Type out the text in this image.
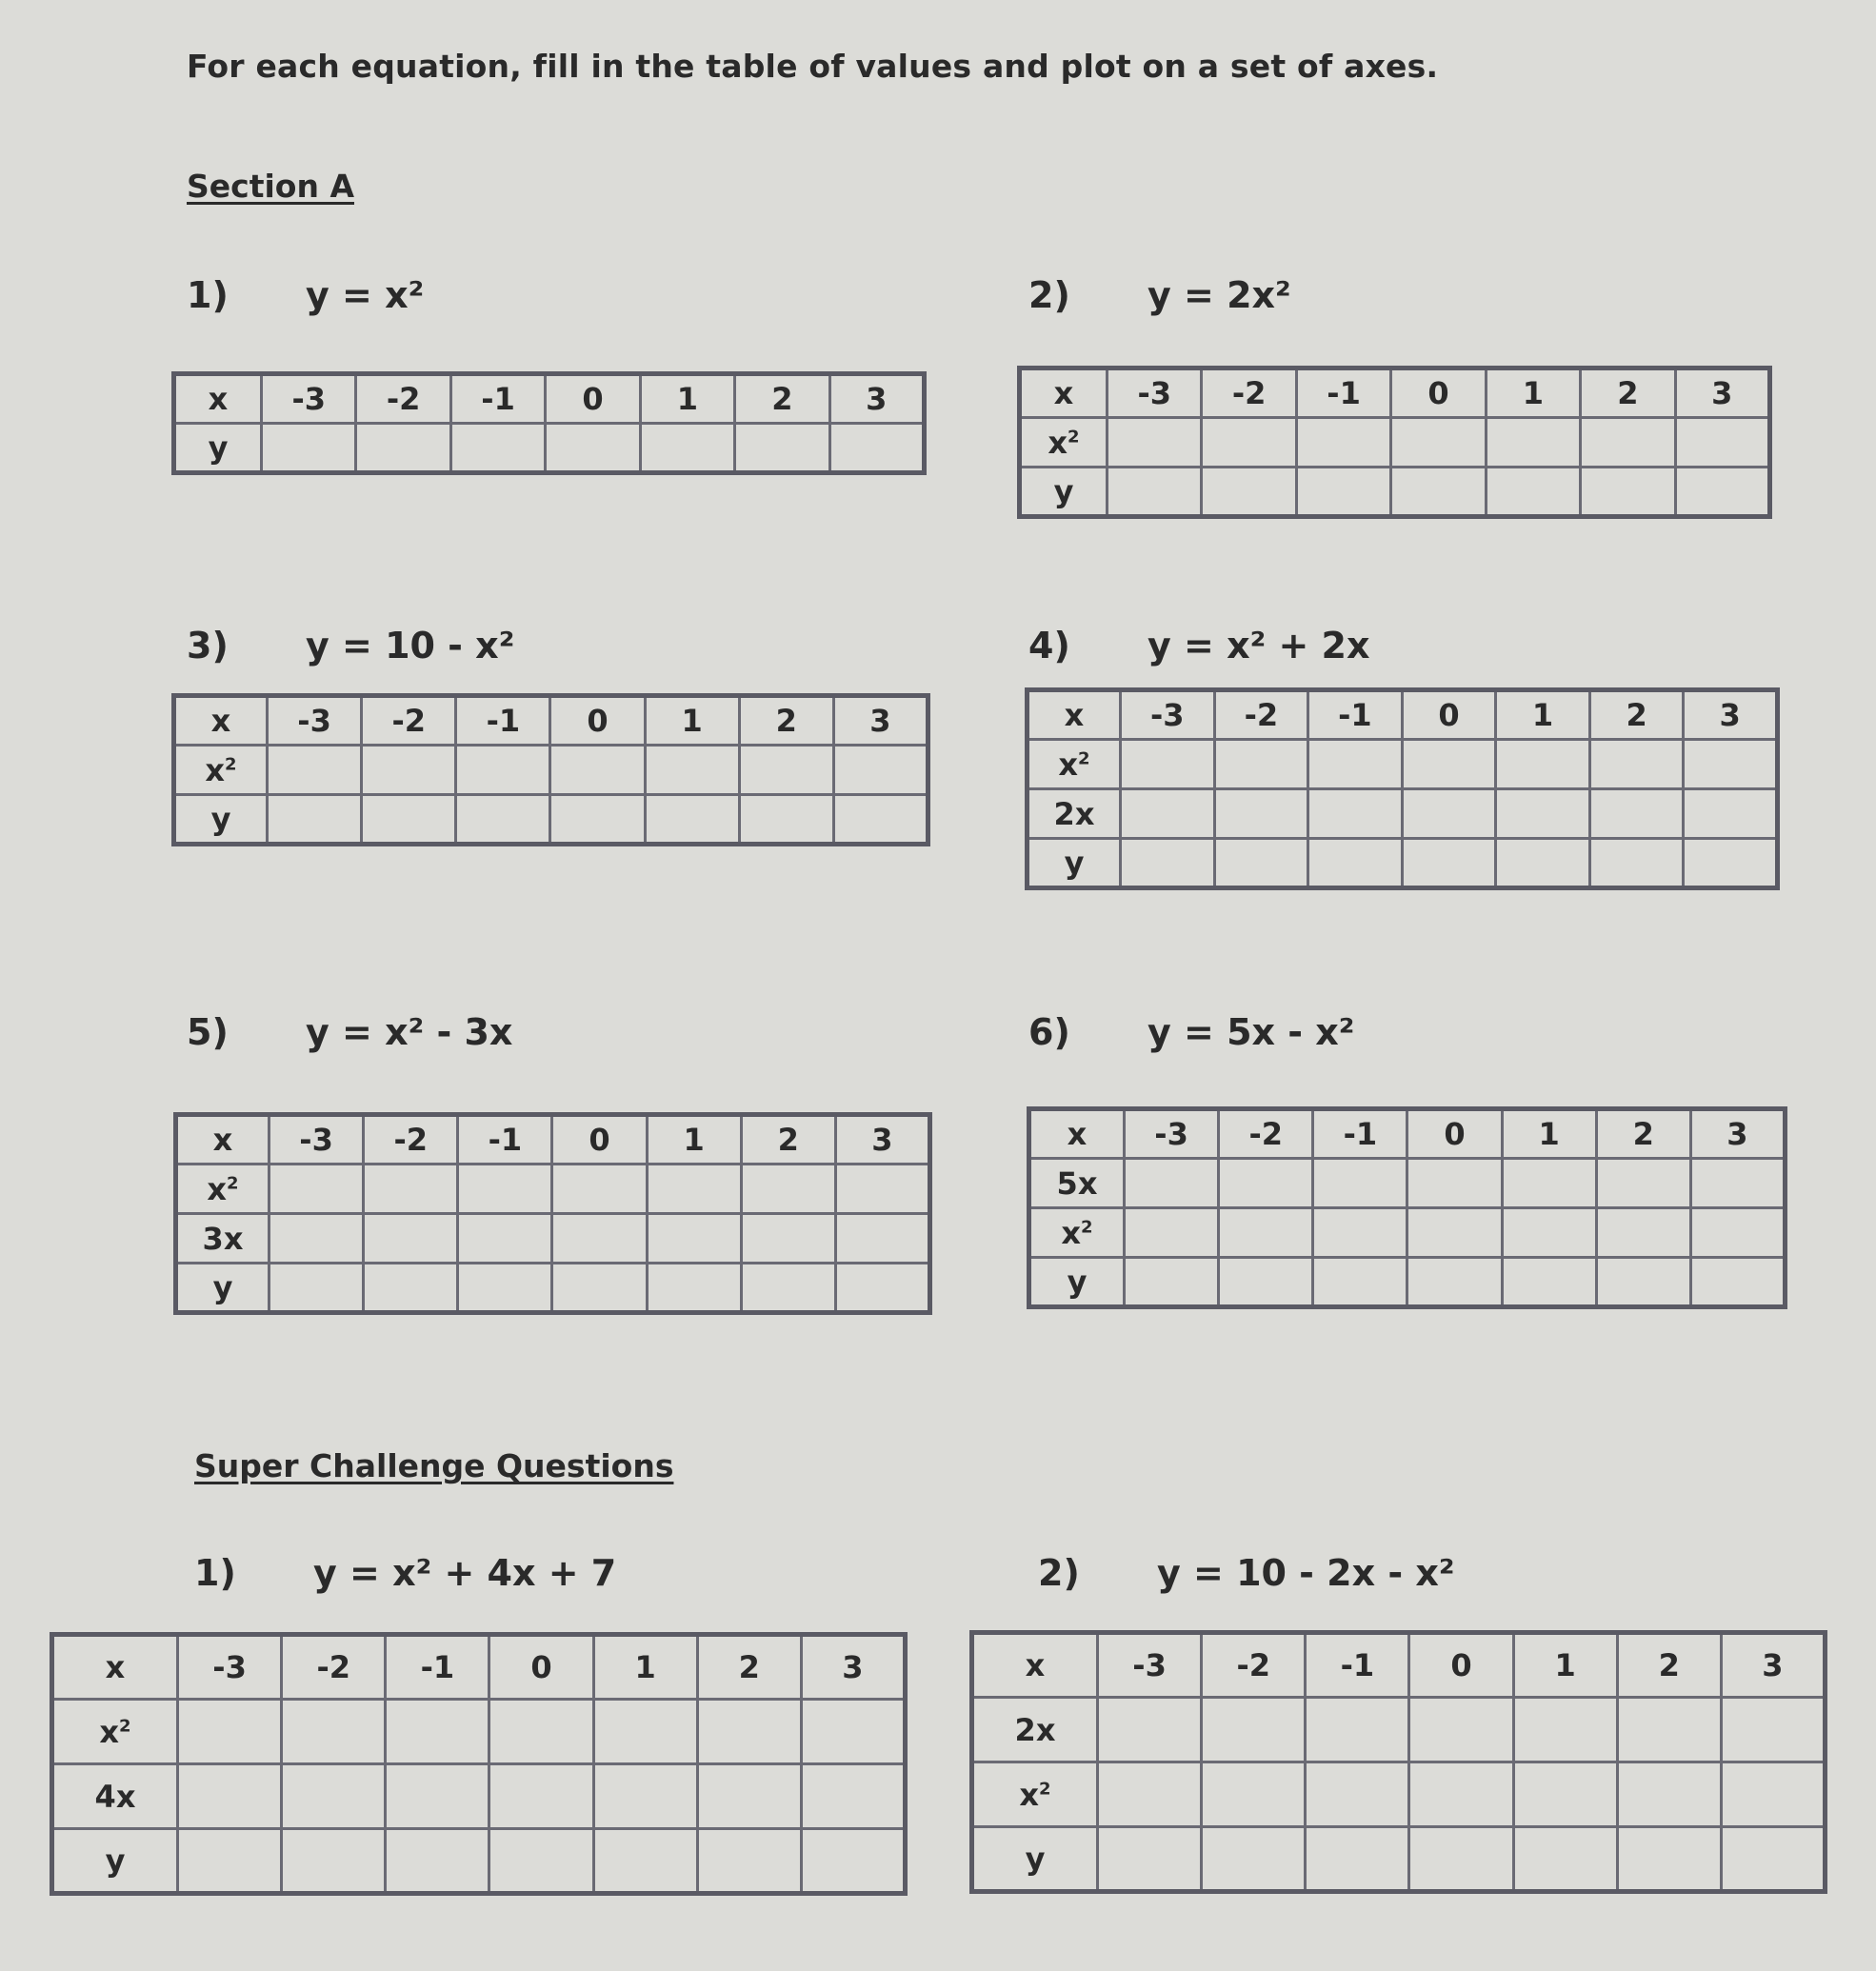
For each equation, fill in the table of values and plot on a set of axes.
Section A
Super Challenge Questions
1) y = x²	2) y = 2x²
3) y = 10 - x²	4) y = x² + 2x
5) y = x² - 3x	6) y = 5x - x²
1) y = x² + 4x + 7	2) y = 10 - 2x - x²
x	-3	-2	-1	0	1	2	3
y							
x	-3	-2	-1	0	1	2	3
$x^2$							
y							
x	-3	-2	-1	0	1	2	3
$x^2$							
y							
x	-3	-2	-1	0	1	2	3
$x^2$							
2x							
y							
x	-3	-2	-1	0	1	2	3
$x^2$							
3x							
y							
x	-3	-2	-1	0	1	2	3
5x							
$x^2$							
y							
x	-3	-2	-1	0	1	2	3
$x^2$							
4x							
y							
x	-3	-2	-1	0	1	2	3
2x							
$x^2$							
y							
